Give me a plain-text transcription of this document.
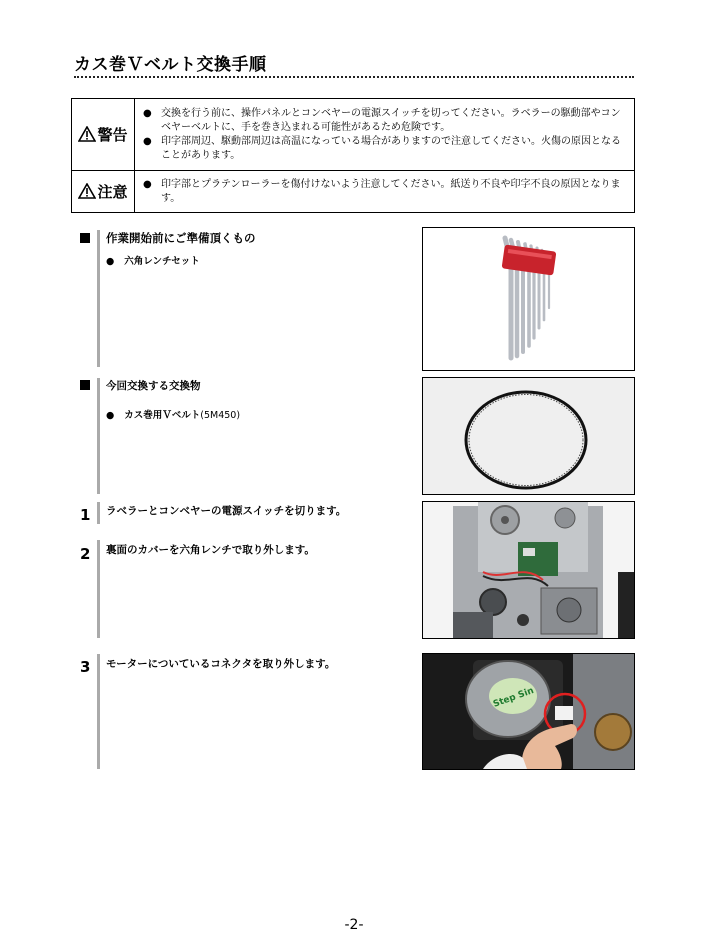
カス巻Ｖベルト交換手順
警告	● 交換を行う前に、操作パネルとコンベヤーの電源スイッチを切ってください。ラベラーの駆動部やコンベヤーベルトに、手を巻き込まれる可能性があるため危険です。
● 印字部周辺、駆動部周辺は高温になっている場合がありますので注意してください。火傷の原因となることがあります。

注意	● 印字部とプラテンローラーを傷付けないよう注意してください。紙送り不良や印字不良の原因となります。
作業開始前にご準備頂くもの
● 六角レンチセット
今回交換する交換物
● カス巻用Ｖベルト(5M450)
1 ラベラーとコンベヤーの電源スイッチを切ります。
2 裏面のカバーを六角レンチで取り外します。
3 モーターについているコネクタを取り外します。
Step Sin
-2-
